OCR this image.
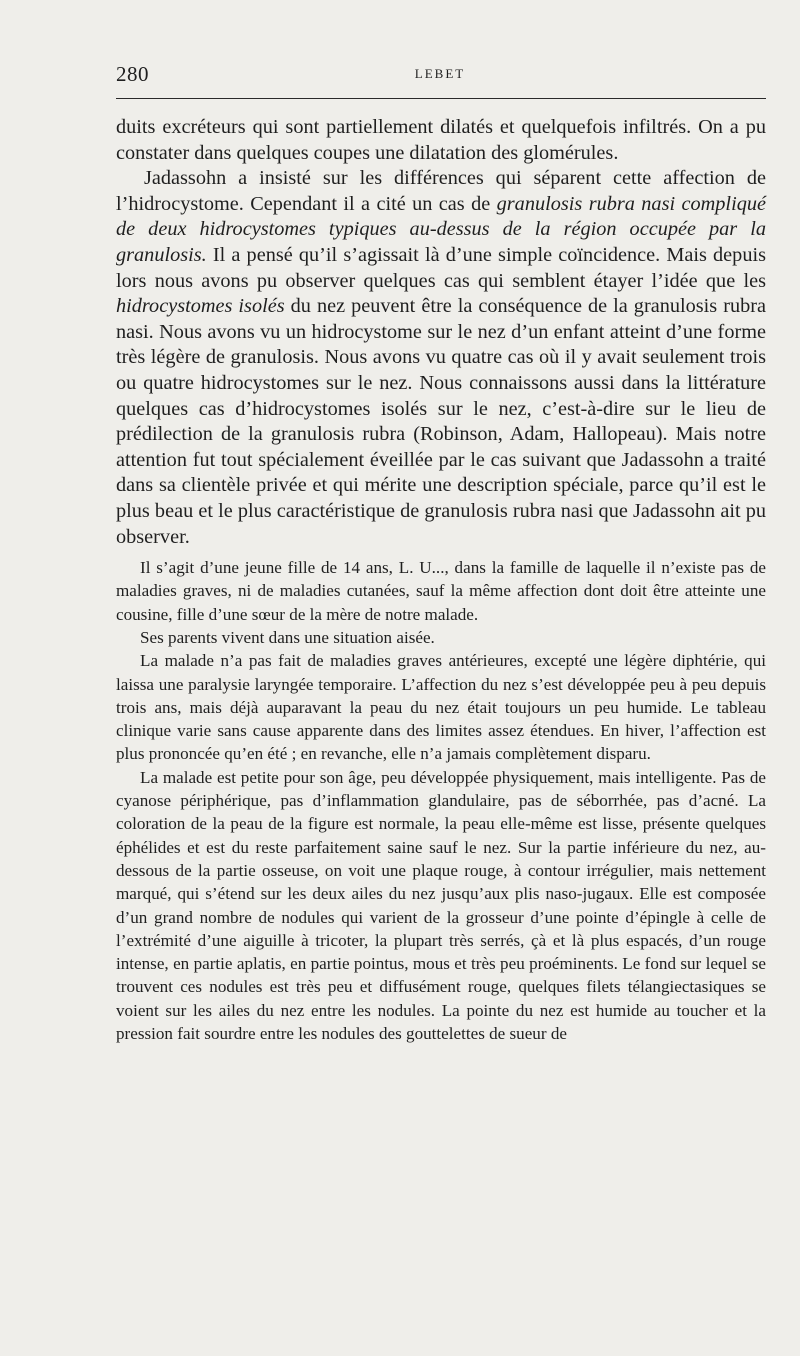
280	LEBET

duits excréteurs qui sont partiellement dilatés et quelquefois infiltrés. On a pu constater dans quelques coupes une dilatation des glomérules.

Jadassohn a insisté sur les différences qui séparent cette affection de l’hidrocystome. Cependant il a cité un cas de granulosis rubra nasi compliqué de deux hidrocystomes typiques au-dessus de la région occupée par la granulosis. Il a pensé qu’il s’agissait là d’une simple coïncidence. Mais depuis lors nous avons pu observer quelques cas qui semblent étayer l’idée que les hidrocystomes isolés du nez peuvent être la conséquence de la granulosis rubra nasi. Nous avons vu un hidrocystome sur le nez d’un enfant atteint d’une forme très légère de granulosis. Nous avons vu quatre cas où il y avait seulement trois ou quatre hidrocystomes sur le nez. Nous connaissons aussi dans la littérature quelques cas d’hidrocystomes isolés sur le nez, c’est-à-dire sur le lieu de prédilection de la granulosis rubra (Robinson, Adam, Hallopeau). Mais notre attention fut tout spécialement éveillée par le cas suivant que Jadassohn a traité dans sa clientèle privée et qui mérite une description spéciale, parce qu’il est le plus beau et le plus caractéristique de granulosis rubra nasi que Jadassohn ait pu observer.

Il s’agit d’une jeune fille de 14 ans, L. U..., dans la famille de laquelle il n’existe pas de maladies graves, ni de maladies cutanées, sauf la même affection dont doit être atteinte une cousine, fille d’une sœur de la mère de notre malade.

Ses parents vivent dans une situation aisée.

La malade n’a pas fait de maladies graves antérieures, excepté une légère diphtérie, qui laissa une paralysie laryngée temporaire. L’affection du nez s’est développée peu à peu depuis trois ans, mais déjà auparavant la peau du nez était toujours un peu humide. Le tableau clinique varie sans cause apparente dans des limites assez étendues. En hiver, l’affection est plus prononcée qu’en été ; en revanche, elle n’a jamais complètement disparu.

La malade est petite pour son âge, peu développée physiquement, mais intelligente. Pas de cyanose périphérique, pas d’inflammation glandulaire, pas de séborrhée, pas d’acné. La coloration de la peau de la figure est normale, la peau elle-même est lisse, présente quelques éphélides et est du reste parfaitement saine sauf le nez. Sur la partie inférieure du nez, au-dessous de la partie osseuse, on voit une plaque rouge, à contour irrégulier, mais nettement marqué, qui s’étend sur les deux ailes du nez jusqu’aux plis naso-jugaux. Elle est composée d’un grand nombre de nodules qui varient de la grosseur d’une pointe d’épingle à celle de l’extrémité d’une aiguille à tricoter, la plupart très serrés, çà et là plus espacés, d’un rouge intense, en partie aplatis, en partie pointus, mous et très peu proéminents. Le fond sur lequel se trouvent ces nodules est très peu et diffusément rouge, quelques filets télangiectasiques se voient sur les ailes du nez entre les nodules. La pointe du nez est humide au toucher et la pression fait sourdre entre les nodules des gouttelettes de sueur de
